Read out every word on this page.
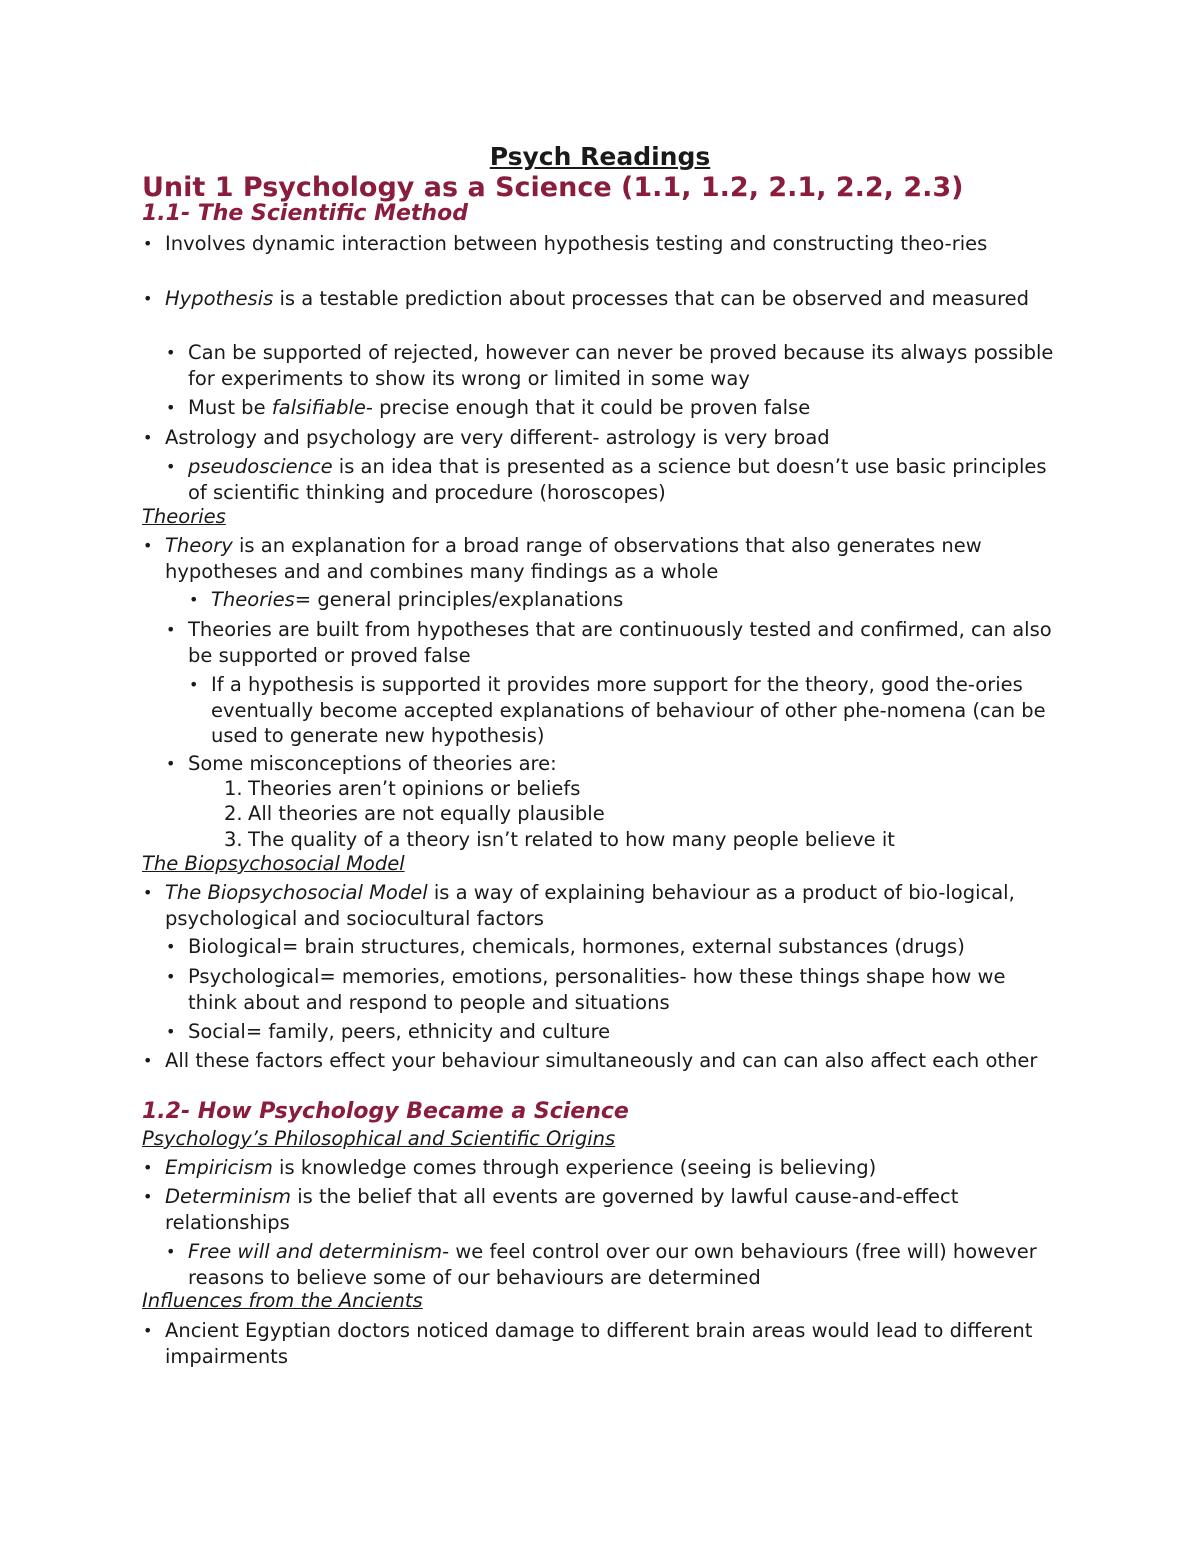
Psych Readings
Unit 1 Psychology as a Science (1.1, 1.2, 2.1, 2.2, 2.3)
1.1- The Scientific Method

• Involves dynamic interaction between hypothesis testing and constructing theo-ries

• Hypothesis is a testable prediction about processes that can be observed and measured

• Can be supported of rejected, however can never be proved because its always possible for experiments to show its wrong or limited in some way

• Must be falsifiable- precise enough that it could be proven false

• Astrology and psychology are very different- astrology is very broad

• pseudoscience is an idea that is presented as a science but doesn’t use basic principles of scientific thinking and procedure (horoscopes)

Theories

• Theory is an explanation for a broad range of observations that also generates new hypotheses and and combines many findings as a whole

• Theories= general principles/explanations

• Theories are built from hypotheses that are continuously tested and confirmed, can also be supported or proved false

• If a hypothesis is supported it provides more support for the theory, good the-ories eventually become accepted explanations of behaviour of other phe-nomena (can be used to generate new hypothesis)

• Some misconceptions of theories are:

1. Theories aren’t opinions or beliefs

2. All theories are not equally plausible

3. The quality of a theory isn’t related to how many people believe it

The Biopsychosocial Model

• The Biopsychosocial Model is a way of explaining behaviour as a product of bio-logical, psychological and sociocultural factors

• Biological= brain structures, chemicals, hormones, external substances (drugs)

• Psychological= memories, emotions, personalities- how these things shape how we think about and respond to people and situations

• Social= family, peers, ethnicity and culture

• All these factors effect your behaviour simultaneously and can can also affect each other

1.2- How Psychology Became a Science
Psychology’s Philosophical and Scientific Origins

• Empiricism is knowledge comes through experience (seeing is believing)

• Determinism is the belief that all events are governed by lawful cause-and-effect relationships

• Free will and determinism- we feel control over our own behaviours (free will) however reasons to believe some of our behaviours are determined

Influences from the Ancients

• Ancient Egyptian doctors noticed damage to different brain areas would lead to different impairments
